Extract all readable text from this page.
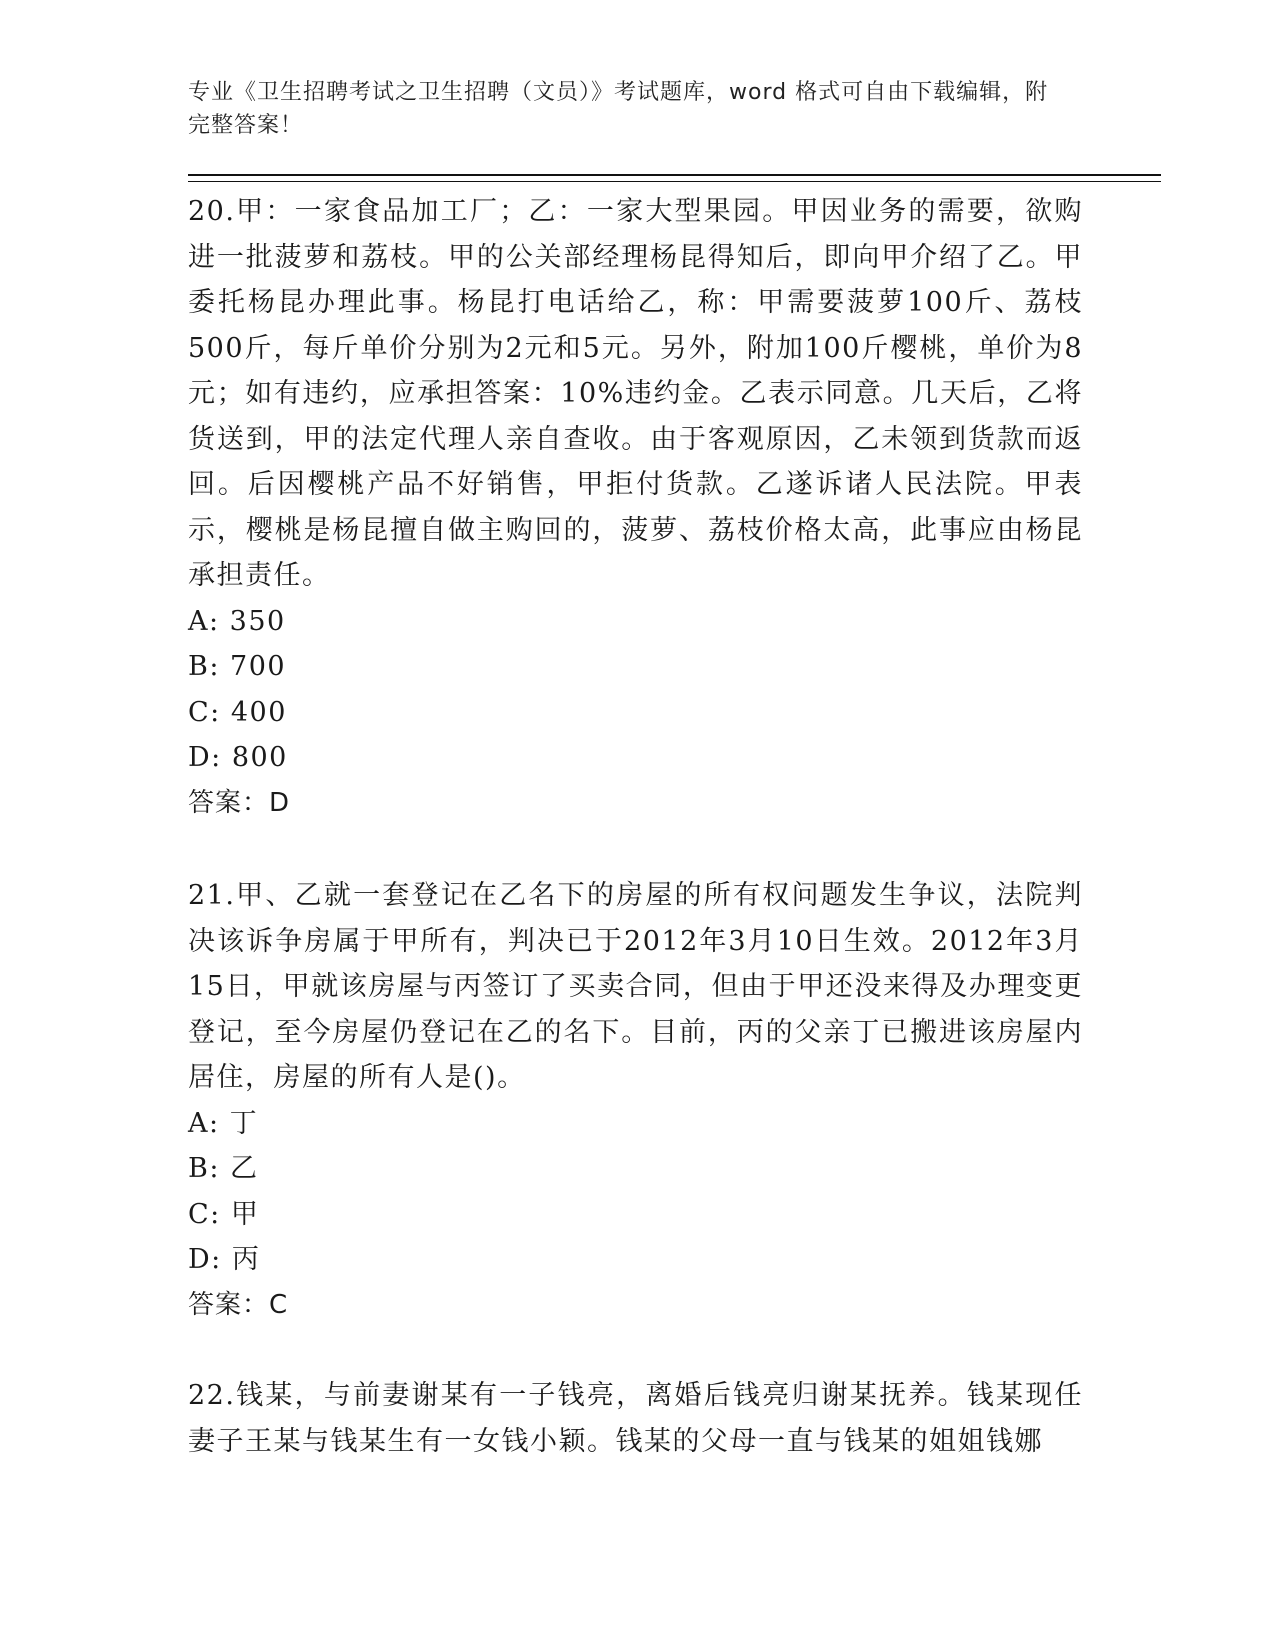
专业《卫生招聘考试之卫生招聘（文员）》考试题库，word 格式可自由下载编辑，附完整答案！

20.甲：一家食品加工厂；乙：一家大型果园。甲因业务的需要，欲购进一批菠萝和荔枝。甲的公关部经理杨昆得知后，即向甲介绍了乙。甲委托杨昆办理此事。杨昆打电话给乙，称：甲需要菠萝100斤、荔枝500斤，每斤单价分别为2元和5元。另外，附加100斤樱桃，单价为8元；如有违约，应承担答案：10%违约金。乙表示同意。几天后，乙将货送到，甲的法定代理人亲自查收。由于客观原因，乙未领到货款而返回。后因樱桃产品不好销售，甲拒付货款。乙遂诉诸人民法院。甲表示，樱桃是杨昆擅自做主购回的，菠萝、荔枝价格太高，此事应由杨昆承担责任。

A: 350

B: 700

C: 400

D: 800

答案：D

21.甲、乙就一套登记在乙名下的房屋的所有权问题发生争议，法院判决该诉争房属于甲所有，判决已于2012年3月10日生效。2012年3月15日，甲就该房屋与丙签订了买卖合同，但由于甲还没来得及办理变更登记，至今房屋仍登记在乙的名下。目前，丙的父亲丁已搬进该房屋内居住，房屋的所有人是()。

A: 丁

B: 乙

C: 甲

D: 丙

答案：C

22.钱某，与前妻谢某有一子钱亮，离婚后钱亮归谢某抚养。钱某现任妻子王某与钱某生有一女钱小颖。钱某的父母一直与钱某的姐姐钱娜
